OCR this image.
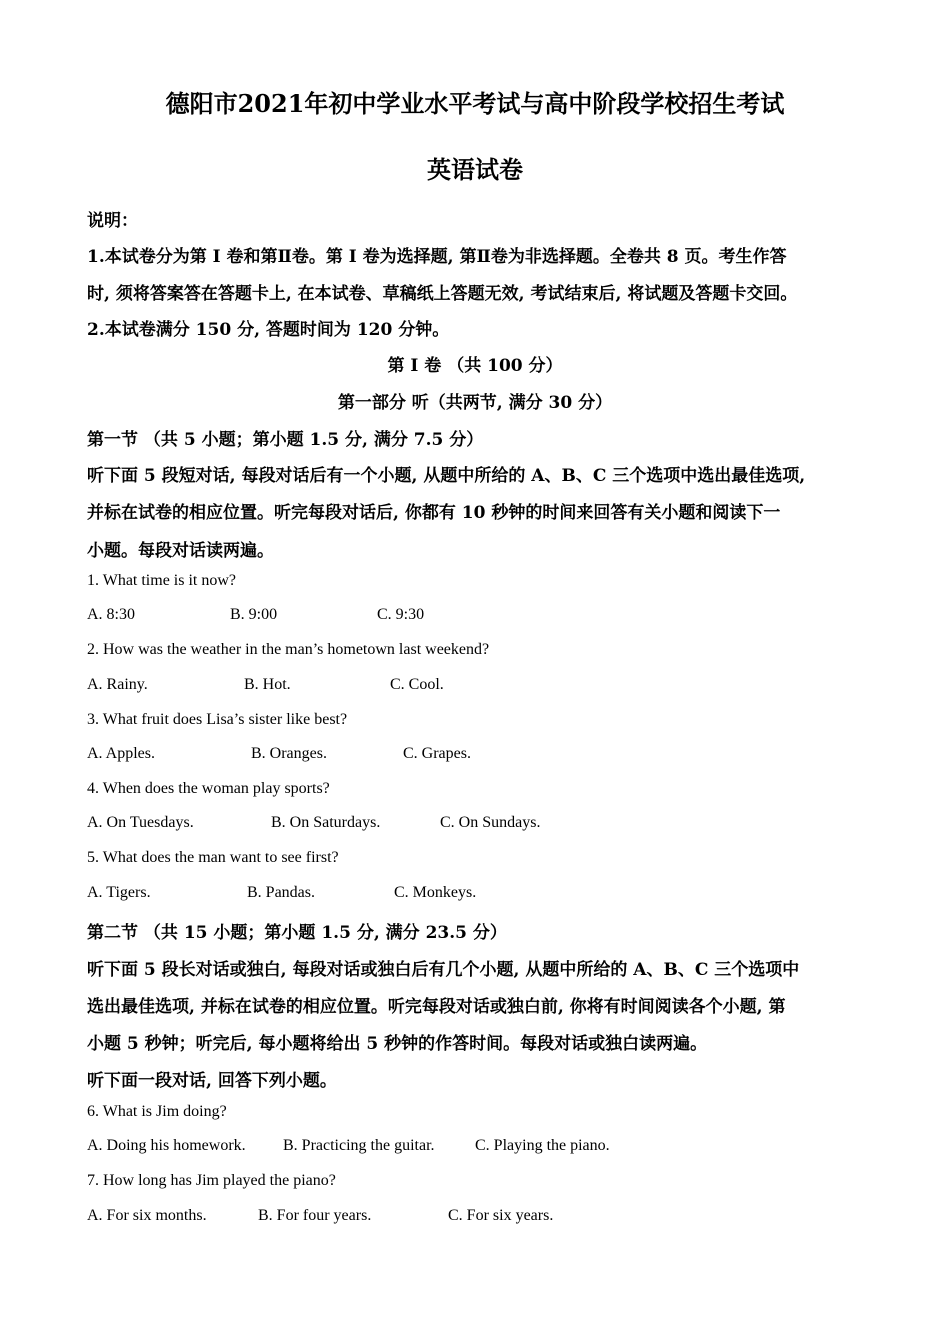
德阳市2021年初中学业水平考试与高中阶段学校招生考试
英语试卷
说明：
1.本试卷分为第 I 卷和第Ⅱ卷。第 I 卷为选择题, 第Ⅱ卷为非选择题。全卷共 8 页。考生作答
时, 须将答案答在答题卡上, 在本试卷、草稿纸上答题无效, 考试结束后, 将试题及答题卡交回。
2.本试卷满分 150 分, 答题时间为 120 分钟。
第 I 卷 （共 100 分）
第一部分 听（共两节, 满分 30 分）
第一节 （共 5 小题；第小题 1.5 分, 满分 7.5 分）
听下面 5 段短对话, 每段对话后有一个小题, 从题中所给的 A、B、C 三个选项中选出最佳选项,
并标在试卷的相应位置。听完每段对话后, 你都有 10 秒钟的时间来回答有关小题和阅读下一
小题。每段对话读两遍。
1. What time is it now?
A. 8:30	B. 9:00	C. 9:30
2. How was the weather in the man’s hometown last weekend?
A. Rainy.	B. Hot.	C. Cool.
3. What fruit does Lisa’s sister like best?
A. Apples.	B. Oranges.	C. Grapes.
4. When does the woman play sports?
A. On Tuesdays.	B. On Saturdays.	C. On Sundays.
5. What does the man want to see first?
A. Tigers.	B. Pandas.	C. Monkeys.
第二节 （共 15 小题；第小题 1.5 分, 满分 23.5 分）
听下面 5 段长对话或独白, 每段对话或独白后有几个小题, 从题中所给的 A、B、C 三个选项中
选出最佳选项, 并标在试卷的相应位置。听完每段对话或独白前, 你将有时间阅读各个小题, 第
小题 5 秒钟；听完后, 每小题将给出 5 秒钟的作答时间。每段对话或独白读两遍。
听下面一段对话, 回答下列小题。
6. What is Jim doing?
A. Doing his homework. B. Practicing the guitar.	C. Playing the piano.
7. How long has Jim played the piano?
A. For six months.	B. For four years.	C. For six years.
